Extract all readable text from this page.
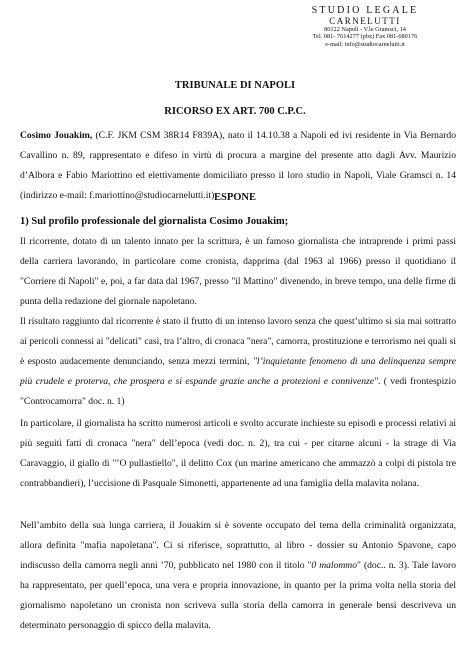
STUDIO LEGALE
CARNELUTTI
80122 Napoli - V.le Gramsci, 14
Tel. 081- 7614277 (pbx) Fax 081-680176
e-mail: info@studiocarnelutti.it
TRIBUNALE DI NAPOLI
RICORSO EX ART. 700 C.P.C.
Cosimo Jouakim, (C.F. JKM CSM 38R14 F839A), nato il 14.10.38 a Napoli ed ivi residente in Via Bernardo Cavallino n. 89, rappresentato e difeso in virtù di procura a margine del presente atto dagli Avv. Maurizio d’Albora e Fabio Mariottino ed elettivamente domiciliato presso il loro studio in Napoli, Viale Gramsci n. 14 (indirizzo e-mail: f.mariottino@studiocarnelutti.it) ESPONE
1) Sul profilo professionale del giornalista Cosimo Jouakim;
Il ricorrente, dotato di un talento innato per la scrittura, è un famoso giornalista che intraprende i primi passi della carriera lavorando, in particolare come cronista, dapprima (dal 1963 al 1966) presso il quotidiano il "Corriere di Napoli" e, poi, a far data dal 1967, presso "il Mattino" divenendo, in breve tempo, una delle firme di punta della redazione del giornale napoletano.
Il risultato raggiunto dal ricorrente è stato il frutto di un intenso lavoro senza che quest’ultimo si sia mai sottratto ai pericoli connessi ai "delicati" casi, tra l’altro, di cronaca "nera", camorra, prostituzione e terrorismo nei quali si è esposto audacemente denunciando, senza mezzi termini, "l’inquietante fenomeno di una delinquenza sempre più crudele e proterva, che prospera e si espande grazie anche a protezioni e connivenze". ( vedi frontespizio "Controcamorra" doc. n. 1)
In particolare, il giornalista ha scritto numerosi articoli e svolto accurate inchieste su episodi e processi relativi ai più seguiti fatti di cronaca "nera" dell’epoca (vedi doc. n. 2), tra cui - per citarne alcuni - la strage di Via Caravaggio, il giallo di "’O pullastiello", il delitto Cox (un marine americano che ammazzò a colpi di pistola tre contrabbandieri), l’uccisione di Pasquale Simonetti, appartenente ad una famiglia della malavita nolana.
Nell’ambito della sua lunga carriera, il Jouakim si è sovente occupato del tema della criminalità organizzata, allora definita "mafia napoletana". Ci si riferisce, soprattutto, al libro - dossier su Antonio Spavone, capo indiscusso della camorra negli anni ’70, pubblicato nel 1980 con il titolo "0 malommo" (doc.. n. 3). Tale lavoro ha rappresentato, per quell’epoca, una vera e propria innovazione, in quanto per la prima volta nella storia del giornalismo napoletano un cronista non scriveva sulla storia della camorra in generale bensì descriveva un determinato personaggio di spicco della malavita.
